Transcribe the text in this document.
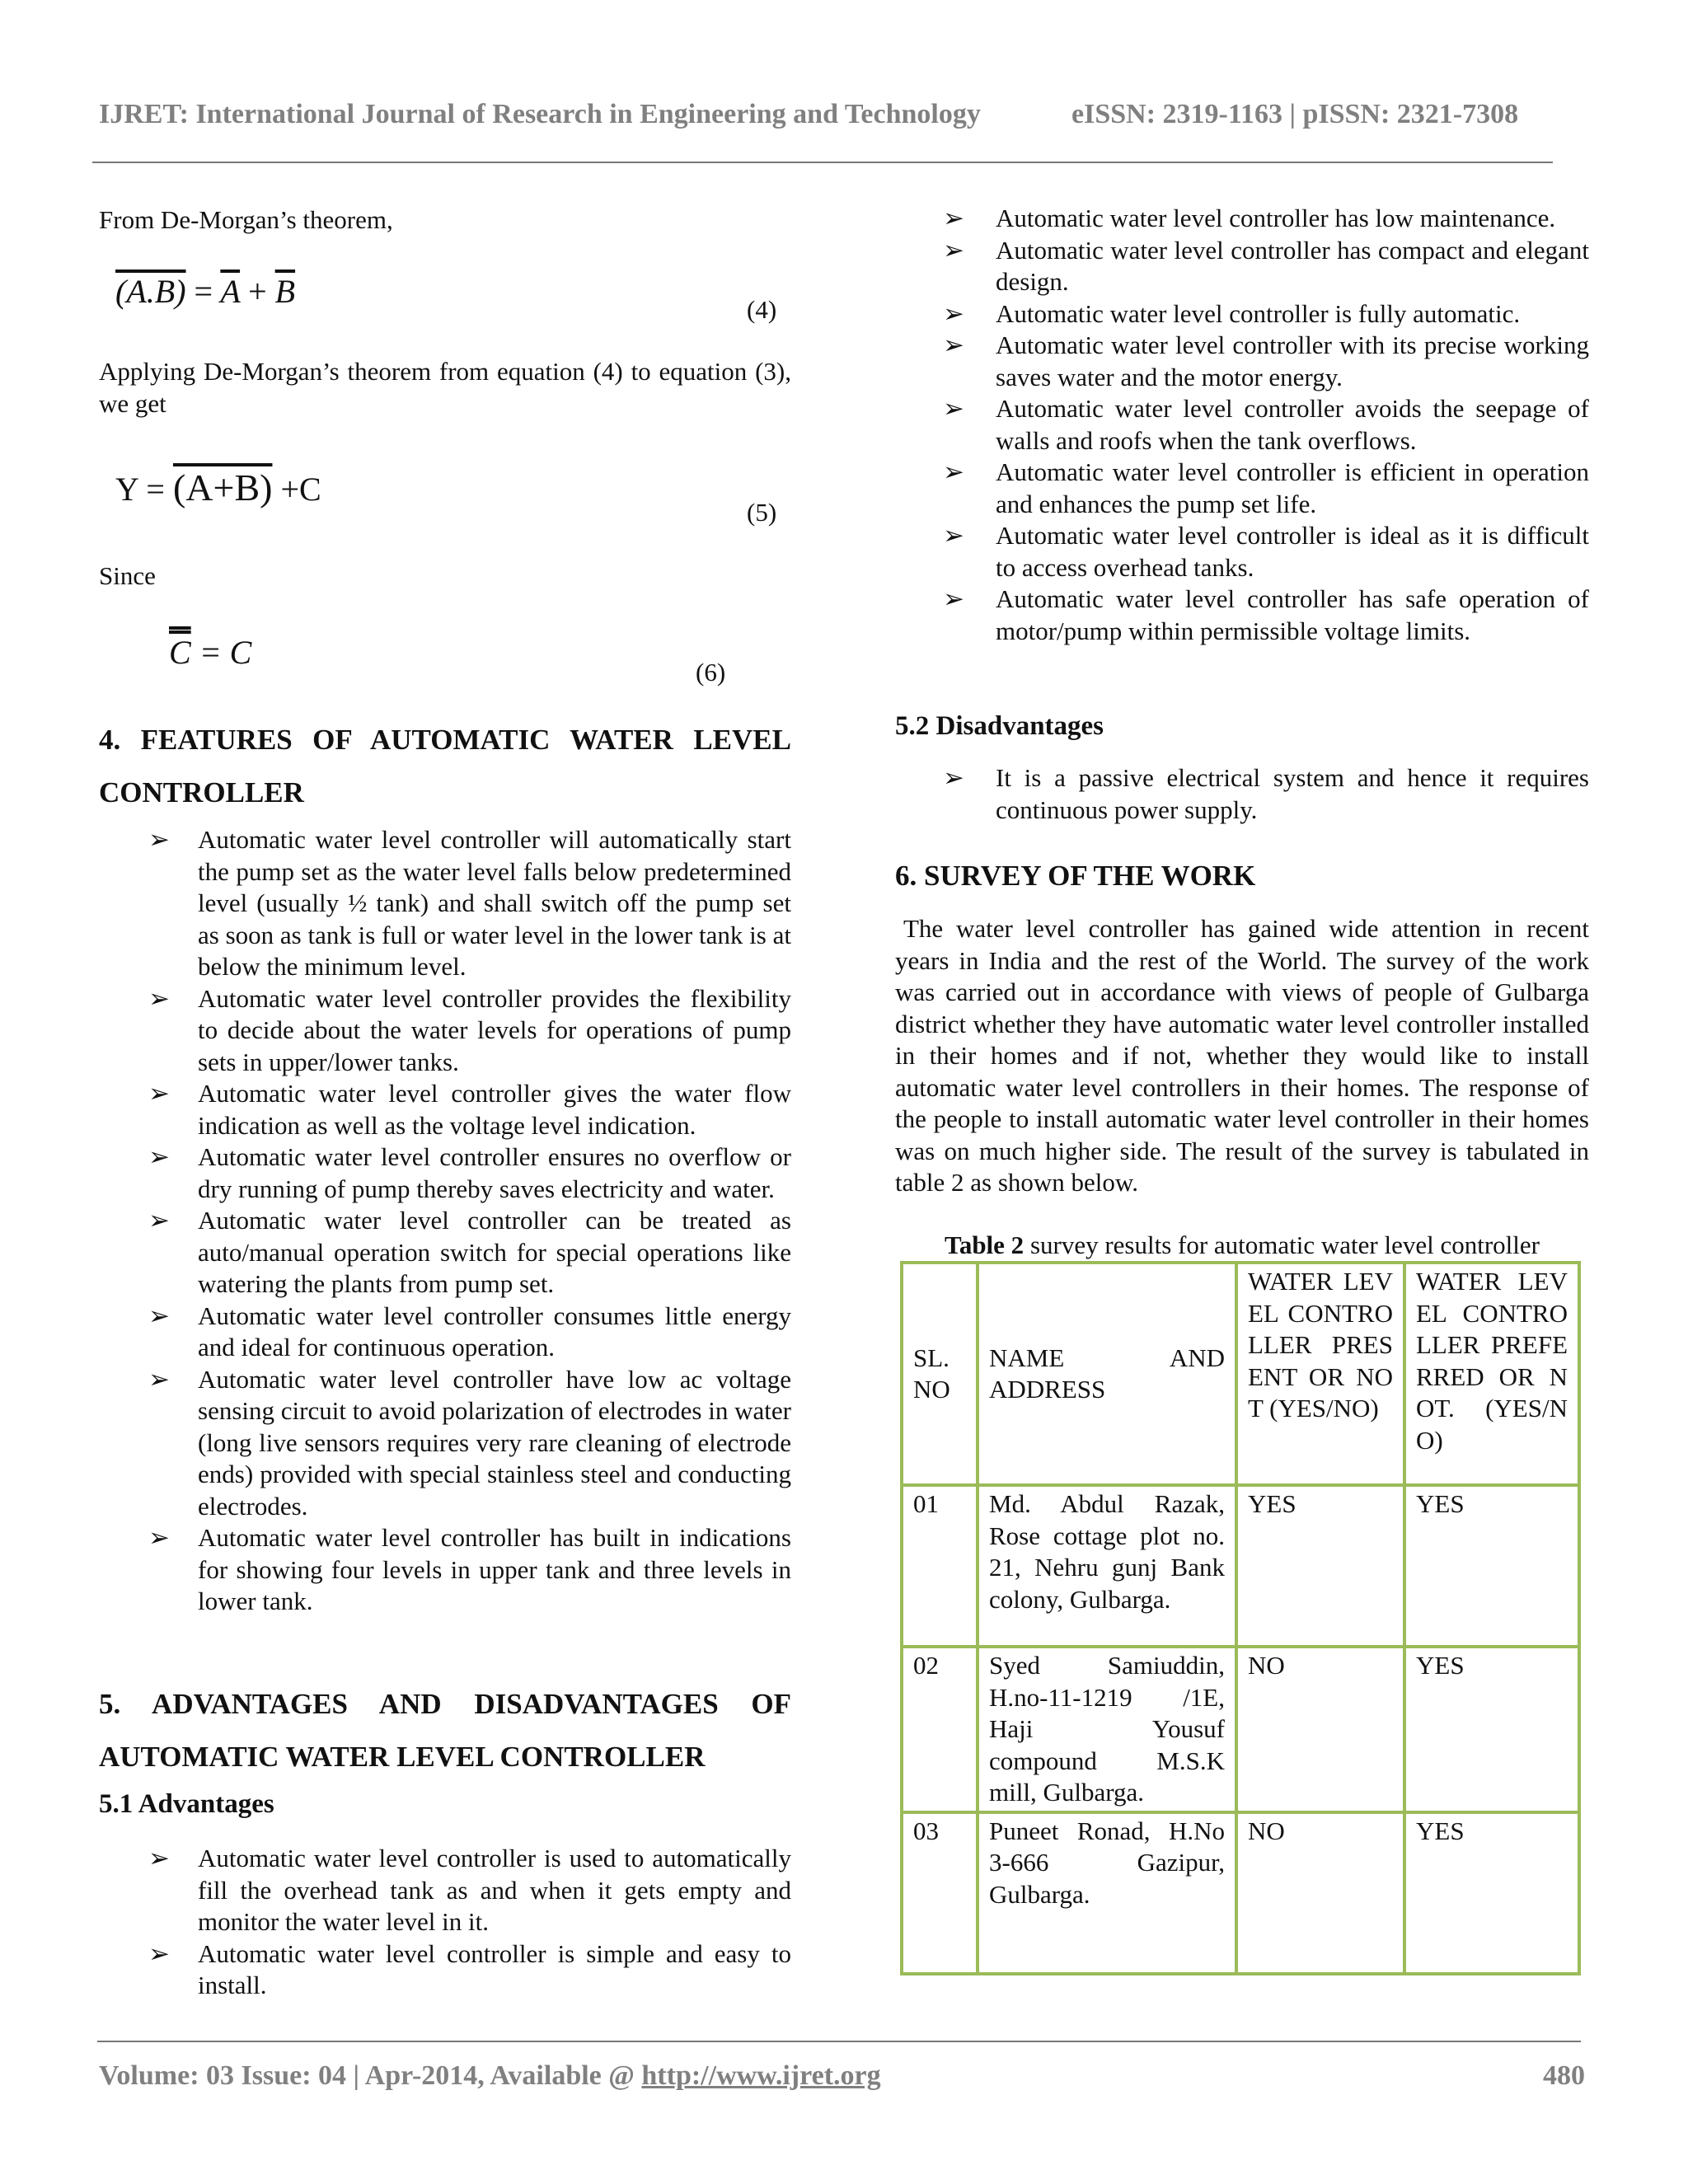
IJRET: International Journal of Research in Engineering and Technology	eISSN: 2319-1163 | pISSN: 2321-7308
From De-Morgan’s theorem,
$(A.B) = \overline{A} + \overline{B}$	(4)
Applying De-Morgan’s theorem from equation (4) to equation (3), we get
Y = (A+B) +C
(5)
Since
C = C
(6)
4. FEATURES OF AUTOMATIC WATER LEVEL CONTROLLER
➢ Automatic water level controller will automatically start the pump set as the water level falls below predetermined level (usually ½ tank) and shall switch off the pump set as soon as tank is full or water level in the lower tank is at below the minimum level.
➢ Automatic water level controller provides the flexibility to decide about the water levels for operations of pump sets in upper/lower tanks.
➢ Automatic water level controller gives the water flow indication as well as the voltage level indication.
➢ Automatic water level controller ensures no overflow or dry running of pump thereby saves electricity and water.
➢ Automatic water level controller can be treated as auto/manual operation switch for special operations like watering the plants from pump set.
➢ Automatic water level controller consumes little energy and ideal for continuous operation.
➢ Automatic water level controller have low ac voltage sensing circuit to avoid polarization of electrodes in water (long live sensors requires very rare cleaning of electrode ends) provided with special stainless steel and conducting electrodes.
➢ Automatic water level controller has built in indications for showing four levels in upper tank and three levels in lower tank.
5. ADVANTAGES AND DISADVANTAGES OF AUTOMATIC WATER LEVEL CONTROLLER
5.1 Advantages
➢ Automatic water level controller is used to automatically fill the overhead tank as and when it gets empty and monitor the water level in it.
➢ Automatic water level controller is simple and easy to install.
➢ Automatic water level controller has low maintenance.
➢ Automatic water level controller has compact and elegant design.
➢ Automatic water level controller is fully automatic.
➢ Automatic water level controller with its precise working saves water and the motor energy.
➢ Automatic water level controller avoids the seepage of walls and roofs when the tank overflows.
➢ Automatic water level controller is efficient in operation and enhances the pump set life.
➢ Automatic water level controller is ideal as it is difficult to access overhead tanks.
➢ Automatic water level controller has safe operation of motor/pump within permissible voltage limits.
5.2 Disadvantages
➢ It is a passive electrical system and hence it requires continuous power supply.
6. SURVEY OF THE WORK
The water level controller has gained wide attention in recent years in India and the rest of the World. The survey of the work was carried out in accordance with views of people of Gulbarga district whether they have automatic water level controller installed in their homes and if not, whether they would like to install automatic water level controllers in their homes. The response of the people to install automatic water level controller in their homes was on much higher side. The result of the survey is tabulated in table 2 as shown below.
Table 2 survey results for automatic water level controller
SL. NO	NAME AND ADDRESS	WATER LEVEL CONTROLLER PRESENT OR NOT (YES/NO)	WATER LEVEL CONTROLLER PREFERRED OR NOT. (YES/NO)
01	Md. Abdul Razak, Rose cottage plot no. 21, Nehru gunj Bank colony, Gulbarga.	YES	YES
02	Syed Samiuddin, H.no-11-1219 /1E, Haji Yousuf compound M.S.K mill, Gulbarga.	NO	YES
03	Puneet Ronad, H.No 3-666 Gazipur, Gulbarga.	NO	YES
Volume: 03 Issue: 04 | Apr-2014, Available @ http://www.ijret.org	480
